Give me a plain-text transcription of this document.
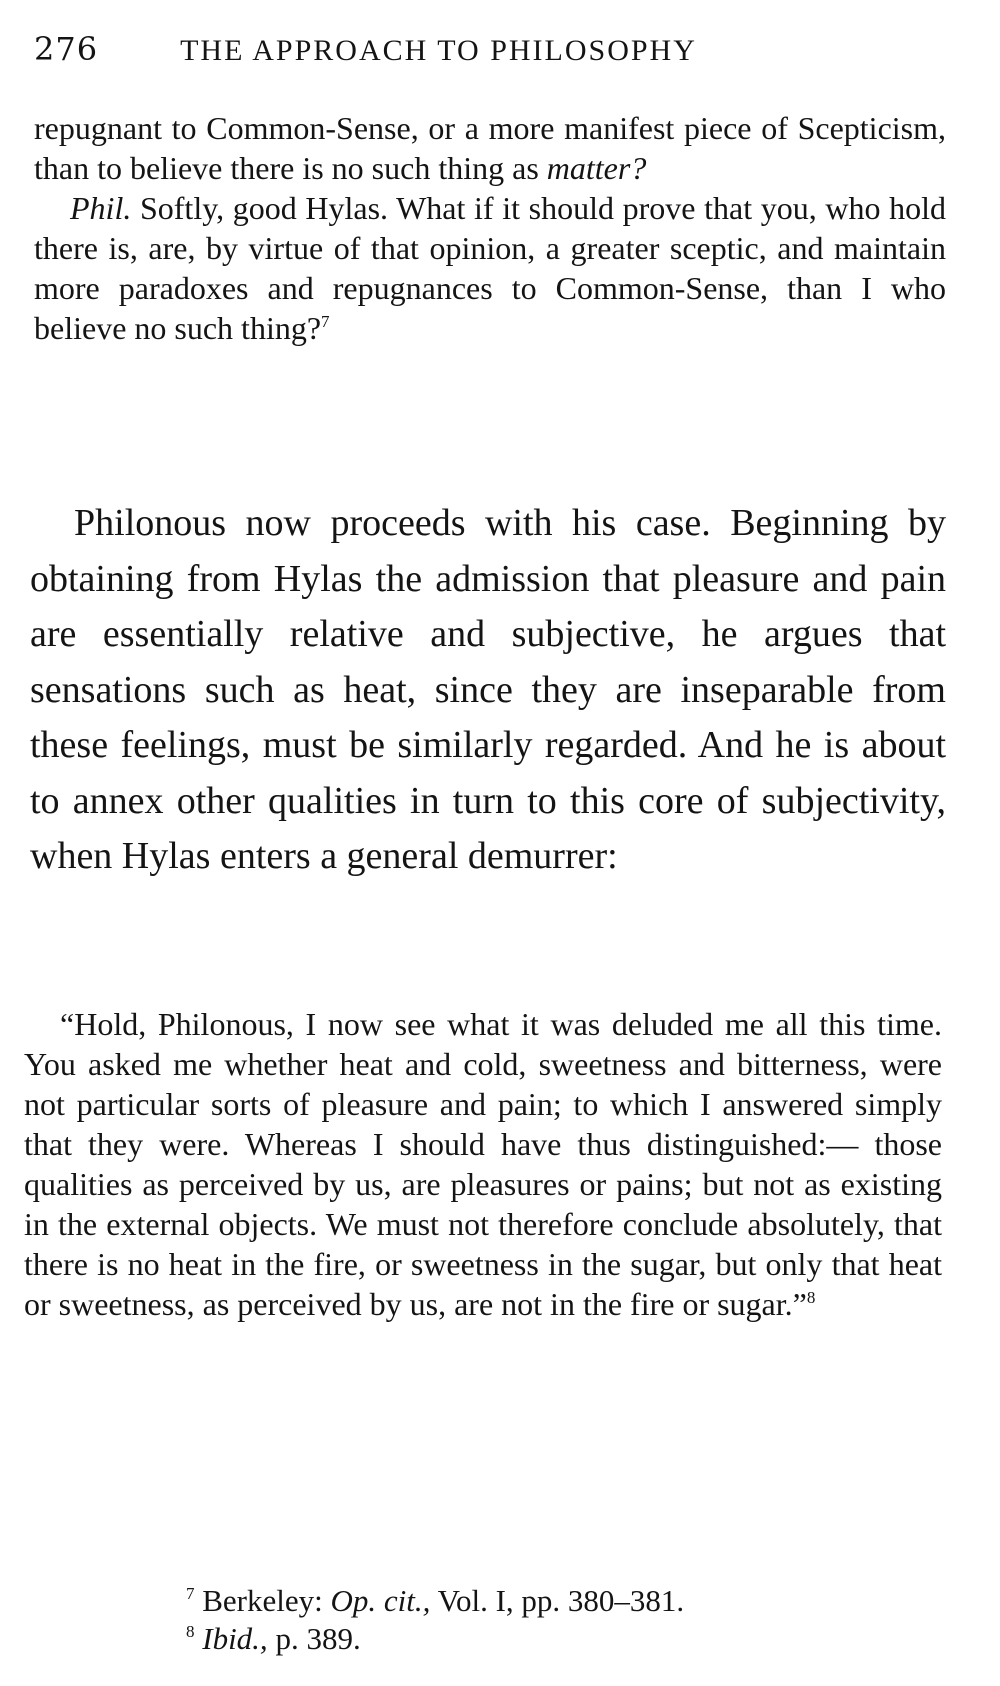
276	THE APPROACH TO PHILOSOPHY

repugnant to Common-Sense, or a more manifest piece of Scepticism, than to believe there is no such thing as matter?

Phil. Softly, good Hylas. What if it should prove that you, who hold there is, are, by virtue of that opinion, a greater sceptic, and maintain more paradoxes and repugnances to Common-Sense, than I who believe no such thing?$^7$

Philonous now proceeds with his case. Beginning by obtaining from Hylas the admission that pleasure and pain are essentially relative and subjective, he argues that sensations such as heat, since they are inseparable from these feelings, must be similarly regarded. And he is about to annex other qualities in turn to this core of subjectivity, when Hylas enters a general demurrer:

“Hold, Philonous, I now see what it was deluded me all this time. You asked me whether heat and cold, sweetness and bitterness, were not particular sorts of pleasure and pain; to which I answered simply that they were. Whereas I should have thus distinguished:— those qualities as perceived by us, are pleasures or pains; but not as existing in the external objects. We must not therefore conclude absolutely, that there is no heat in the fire, or sweetness in the sugar, but only that heat or sweetness, as perceived by us, are not in the fire or sugar.”$^8$

$^7$ Berkeley: Op. cit., Vol. I, pp. 380–381.
$^8$ Ibid., p. 389.
